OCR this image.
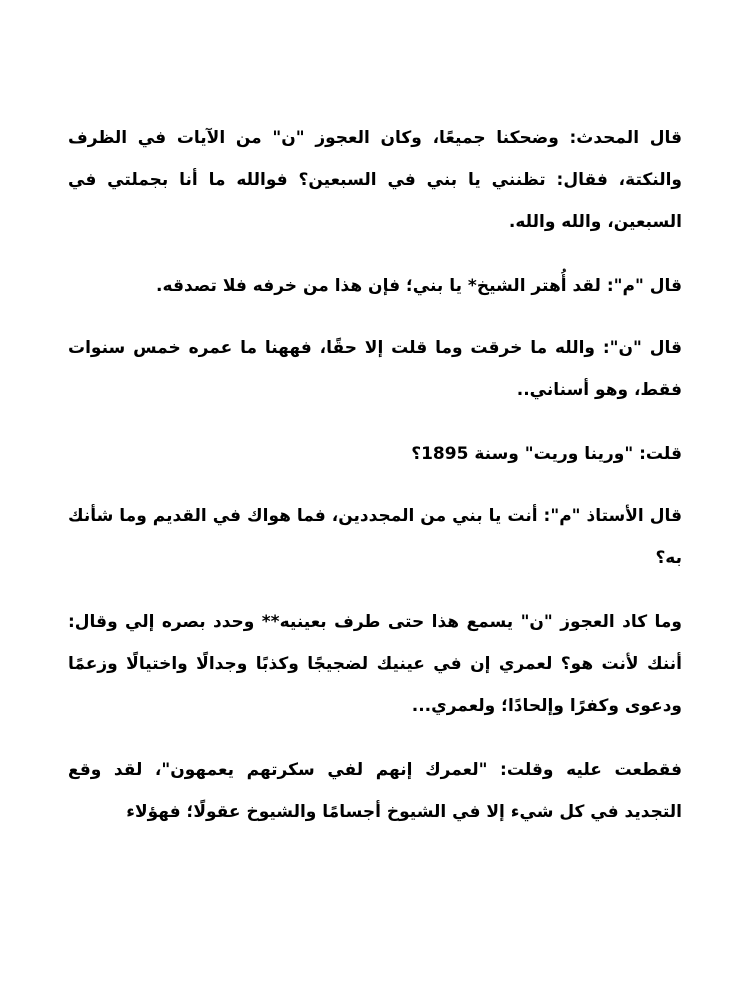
قال المحدث: وضحكنا جميعًا، وكان العجوز "ن" من الآيات في الظرف والنكتة، فقال: تظنني يا بني في السبعين؟ فوالله ما أنا بجملتي في السبعين، والله والله.

قال "م": لقد أُهتر الشيخ* يا بني؛ فإن هذا من خرفه فلا تصدقه.

قال "ن": والله ما خرقت وما قلت إلا حقًا، فههنا ما عمره خمس سنوات فقط، وهو أسناني..

قلت: "ورينا وريت" وسنة 1895؟

قال الأستاذ "م": أنت يا بني من المجددين، فما هواك في القديم وما شأنك به؟

وما كاد العجوز "ن" يسمع هذا حتى طرف بعينيه** وحدد بصره إلي وقال: أننك لأنت هو؟ لعمري إن في عينيك لضجيجًا وكذبًا وجدالًا واختيالًا وزعمًا ودعوى وكفرًا وإلحادًا؛ ولعمري...

فقطعت عليه وقلت: "لعمرك إنهم لفي سكرتهم يعمهون"، لقد وقع التجديد في كل شيء إلا في الشيوخ أجسامًا والشيوخ عقولًا؛ فهؤلاء
